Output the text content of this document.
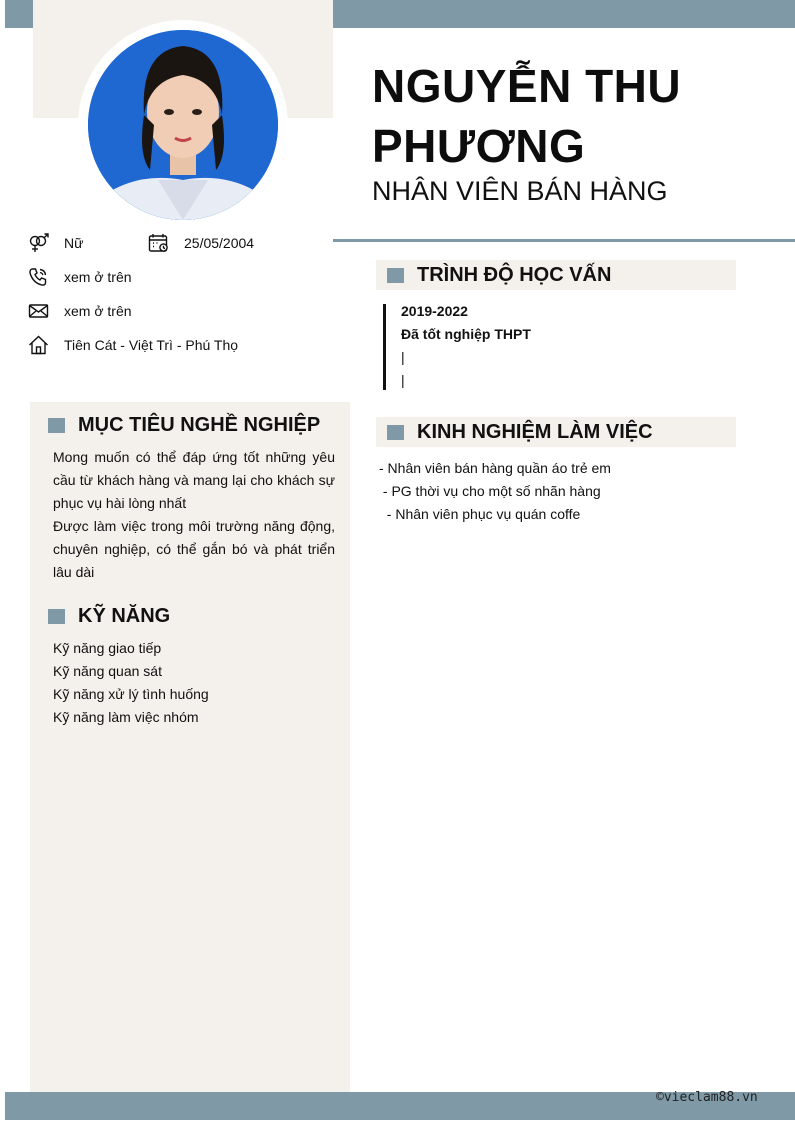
NGUYỄN THU
PHƯƠNG
NHÂN VIÊN BÁN HÀNG
Nữ	25/05/2004
xem ở trên
xem ở trên
Tiên Cát - Việt Trì - Phú Thọ
MỤC TIÊU NGHỀ NGHIỆP
Mong muốn có thể đáp ứng tốt những yêu cầu từ khách hàng và mang lại cho khách sự phục vụ hài lòng nhất
Được làm việc trong môi trường năng động, chuyên nghiệp, có thể gắn bó và phát triển lâu dài
KỸ NĂNG
Kỹ năng giao tiếp
Kỹ năng quan sát
Kỹ năng xử lý tình huống
Kỹ năng làm việc nhóm
TRÌNH ĐỘ HỌC VẤN
2019-2022
Đã tốt nghiệp THPT
|
|
KINH NGHIỆM LÀM VIỆC
- Nhân viên bán hàng quần áo trẻ em
- PG thời vụ cho một số nhãn hàng
- Nhân viên phục vụ quán coffe
©vieclam88.vn
